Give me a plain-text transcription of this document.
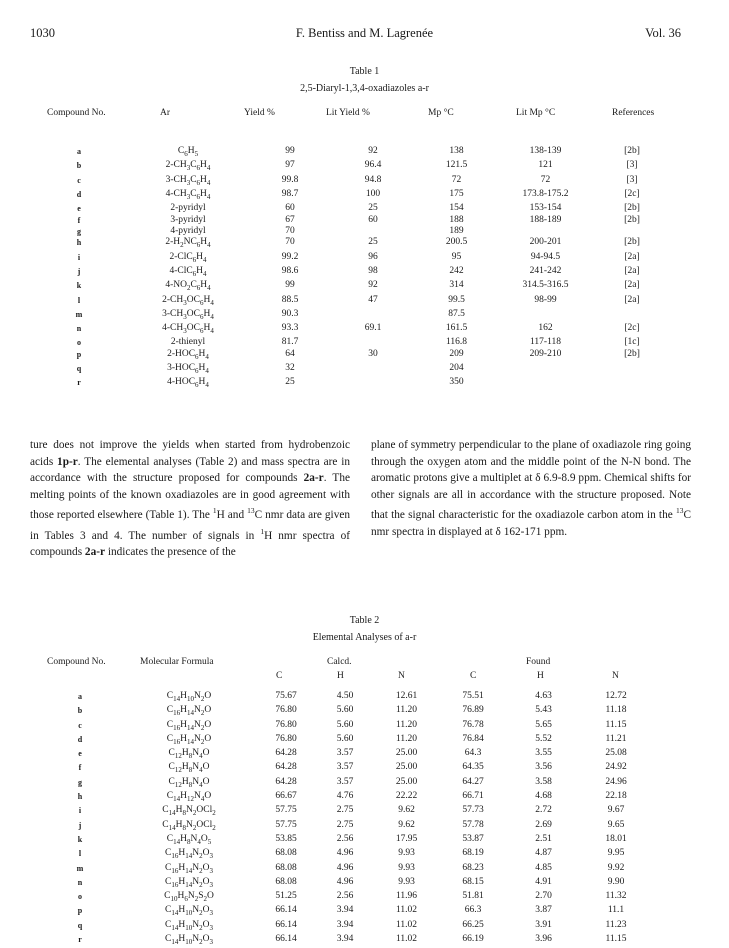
1030	F. Bentiss and M. Lagrenée	Vol. 36
Table 1
2,5-Diaryl-1,3,4-oxadiazoles a-r
Compound No.	Ar	Yield %	Lit Yield %	Mp °C	Lit Mp °C	References
a	$C_6H_5$	99	92	138	138-139	[2b]
b	$2-CH_3C_6H_4$	97	96.4	121.5	121	[3]
c	$3-CH_3C_6H_4$	99.8	94.8	72	72	[3]
d	$4-CH_3C_6H_4$	98.7	100	175	173.8-175.2	[2c]
e	2-pyridyl	60	25	154	153-154	[2b]
f	3-pyridyl	67	60	188	188-189	[2b]
g	4-pyridyl	70		189		
h	$2-H_2NC_6H_4$	70	25	200.5	200-201	[2b]
i	$2-ClC_6H_4$	99.2	96	95	94-94.5	[2a]
j	$4-ClC_6H_4$	98.6	98	242	241-242	[2a]
k	$4-NO_2C_6H_4$	99	92	314	314.5-316.5	[2a]
l	$2-CH_3OC_6H_4$	88.5	47	99.5	98-99	[2a]
m	$3-CH_3OC_6H_4$	90.3		87.5		
n	$4-CH_3OC_6H_4$	93.3	69.1	161.5	162	[2c]
o	2-thienyl	81.7		116.8	117-118	[1c]
p	$2-HOC_6H_4$	64	30	209	209-210	[2b]
q	$3-HOC_6H_4$	32		204		
r	$4-HOC_6H_4$	25		350		
ture does not improve the yields when started from hydrobenzoic acids 1p-r. The elemental analyses (Table 2) and mass spectra are in accordance with the structure proposed for compounds 2a-r. The melting points of the known oxadiazoles are in good agreement with those reported elsewhere (Table 1). The $^1$H and $^{13}$C nmr data are given in Tables 3 and 4. The number of signals in $^1$H nmr spectra of compounds 2a-r indicates the presence of the
plane of symmetry perpendicular to the plane of oxadiazole ring going through the oxygen atom and the middle point of the N-N bond. The aromatic protons give a multiplet at δ 6.9-8.9 ppm. Chemical shifts for other signals are all in accordance with the structure proposed. Note that the signal characteristic for the oxadiazole carbon atom in the $^{13}$C nmr spectra in displayed at δ 162-171 ppm.
Table 2
Elemental Analyses of a-r
Compound No.	Molecular Formula	Calcd.	Found
C	H	N	C	H	N
a	$C_{14}H_{10}N_2O$	75.67	4.50	12.61	75.51	4.63	12.72
b	$C_{16}H_{14}N_2O$	76.80	5.60	11.20	76.89	5.43	11.18
c	$C_{16}H_{14}N_2O$	76.80	5.60	11.20	76.78	5.65	11.15
d	$C_{16}H_{14}N_2O$	76.80	5.60	11.20	76.84	5.52	11.21
e	$C_{12}H_8N_4O$	64.28	3.57	25.00	64.3	3.55	25.08
f	$C_{12}H_8N_4O$	64.28	3.57	25.00	64.35	3.56	24.92
g	$C_{12}H_8N_4O$	64.28	3.57	25.00	64.27	3.58	24.96
h	$C_{14}H_{12}N_4O$	66.67	4.76	22.22	66.71	4.68	22.18
i	$C_{14}H_8N_2OCl_2$	57.75	2.75	9.62	57.73	2.72	9.67
j	$C_{14}H_8N_2OCl_2$	57.75	2.75	9.62	57.78	2.69	9.65
k	$C_{14}H_8N_4O_5$	53.85	2.56	17.95	53.87	2.51	18.01
l	$C_{16}H_{14}N_2O_3$	68.08	4.96	9.93	68.19	4.87	9.95
m	$C_{16}H_{14}N_2O_3$	68.08	4.96	9.93	68.23	4.85	9.92
n	$C_{16}H_{14}N_2O_3$	68.08	4.96	9.93	68.15	4.91	9.90
o	$C_{10}H_6N_2S_2O$	51.25	2.56	11.96	51.81	2.70	11.32
p	$C_{14}H_{10}N_2O_3$	66.14	3.94	11.02	66.3	3.87	11.1
q	$C_{14}H_{10}N_2O_3$	66.14	3.94	11.02	66.25	3.91	11.23
r	$C_{14}H_{10}N_2O_3$	66.14	3.94	11.02	66.19	3.96	11.15
